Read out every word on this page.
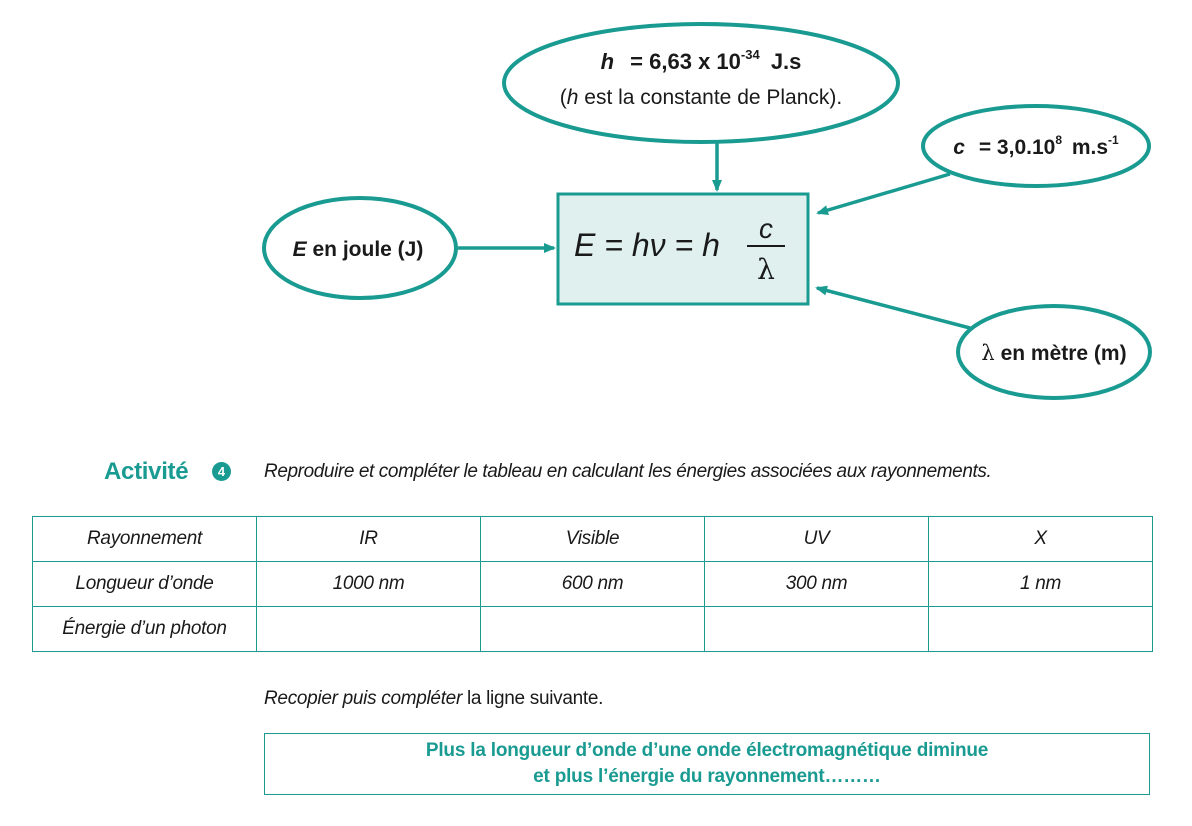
E = hν = h c
λ
h = 6,63 x $10^{-34}$ J.s
(h est la constante de Planck).
$c = 3,0.10^8$ $m.s^{-1}$
E en joule (J)
λ en mètre (m)
Activité	4	Reproduire et compléter le tableau en calculant les énergies associées aux rayonnements.
Rayonnement	IR	Visible	UV	X
Longueur d’onde	1000 nm	600 nm	300 nm	1 nm
Énergie d’un photon				
Recopier puis compléter la ligne suivante.
Plus la longueur d’onde d’une onde électromagnétique diminue
et plus l’énergie du rayonnement………
